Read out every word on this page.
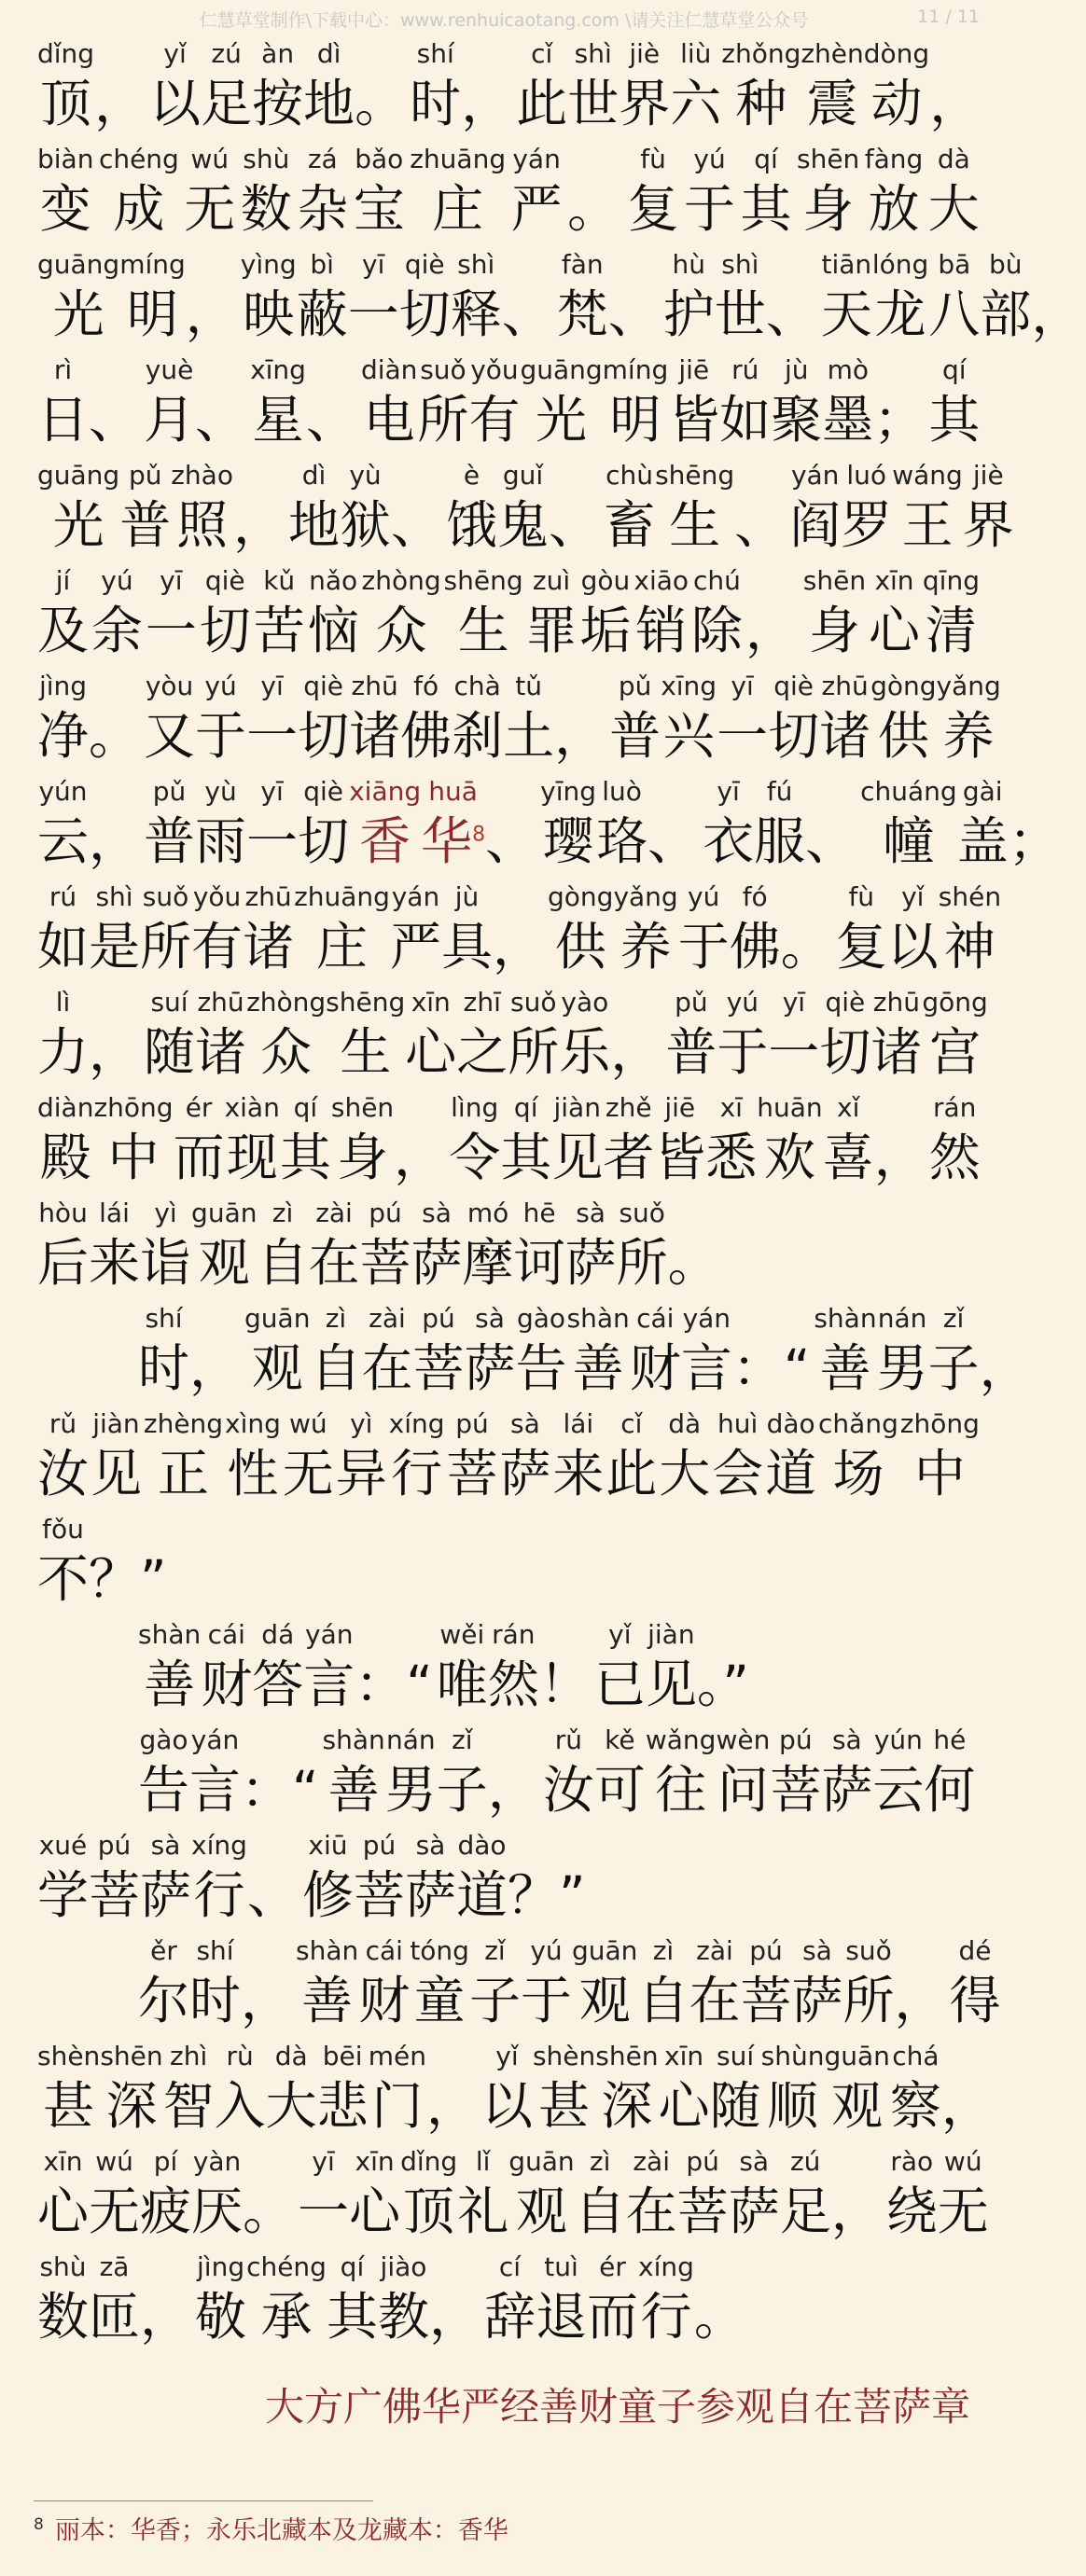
仁慧草堂制作\下载中心：www.renhuicaotang.com \请关注仁慧草堂公众号	11 / 11
dǐng
顶 ，
yǐ
以
zú
足
àn
按
dì
地 。
shí
时 ，
cǐ
此
shì
世
jiè
界
liù
六
zhǒng
种
zhèn
震
dòng
动 ，
biàn
变
chéng
成
wú
无
shù
数
zá
杂
bǎo
宝
zhuāng
庄
yán
严 。
fù
复
yú
于
qí
其
shēn
身
fàng
放
dà
大
guāng
光
míng
明 ，
yìng
映
bì
蔽
yī
一
qiè
切
shì
释 、
fàn
梵 、
hù
护
shì
世 、
tiān
天
lóng
龙
bā
八
bù
部 ，
rì
日 、
yuè
月 、
xīng
星 、
diàn
电
suǒ
所
yǒu
有
guāng
光
míng
明
jiē
皆
rú
如
jù
聚
mò
墨 ；
qí
其
guāng
光
pǔ
普
zhào
照 ，
dì
地
yù
狱 、
è
饿
guǐ
鬼 、
chù
畜
shēng
生 、
yán
阎
luó
罗
wáng
王
jiè
界
jí
及
yú
余
yī
一
qiè
切
kǔ
苦
nǎo
恼
zhòng
众
shēng
生
zuì
罪
gòu
垢
xiāo
销
chú
除 ，
shēn
身
xīn
心
qīng
清
jìng
净 。
yòu
又
yú
于
yī
一
qiè
切
zhū
诸
fó
佛
chà
刹
tǔ
土 ，
pǔ
普
xīng
兴
yī
一
qiè
切
zhū
诸
gòng
供
yǎng
养
yún
云 ，
pǔ
普
yù
雨
yī
一
qiè
切
xiāng
香
huā
华$^8$ 、
yīng
璎
luò
珞 、
yī
衣
fú
服 、
chuáng
幢
gài
盖 ；
rú
如
shì
是
suǒ
所
yǒu
有
zhū
诸
zhuāng
庄
yán
严
jù
具 ，
gòng
供
yǎng
养
yú
于
fó
佛 。
fù
复
yǐ
以
shén
神
lì
力 ，
suí
随
zhū
诸
zhòng
众
shēng
生
xīn
心
zhī
之
suǒ
所
yào
乐 ，
pǔ
普
yú
于
yī
一
qiè
切
zhū
诸
gōng
宫
diàn
殿
zhōng
中
ér
而
xiàn
现
qí
其
shēn
身 ，
lìng
令
qí
其
jiàn
见
zhě
者
jiē
皆
xī
悉
huān
欢
xǐ
喜 ，
rán
然
hòu
后
lái
来
yì
诣
guān
观
zì
自
zài
在
pú
菩
sà
萨
mó
摩
hē
诃
sà
萨
suǒ
所 。
shí
时 ，
guān
观
zì
自
zài
在
pú
菩
sà
萨
gào
告
shàn
善
cái
财
yán
言 ：“
shàn
善
nán
男
zǐ
子 ，
rǔ
汝
jiàn
见
zhèng
正
xìng
性
wú
无
yì
异
xíng
行
pú
菩
sà
萨
lái
来
cǐ
此
dà
大
huì
会
dào
道
chǎng
场
zhōng
中
fǒu
不 ？”
shàn
善
cái
财
dá
答
yán
言 ：“
wěi
唯
rán
然 ！
yǐ
已
jiàn
见 。”
gào
告
yán
言 ：“
shàn
善
nán
男
zǐ
子 ，
rǔ
汝
kě
可
wǎng
往
wèn
问
pú
菩
sà
萨
yún
云
hé
何
xué
学
pú
菩
sà
萨
xíng
行 、
xiū
修
pú
菩
sà
萨
dào
道 ？”
ěr
尔
shí
时 ，
shàn
善
cái
财
tóng
童
zǐ
子
yú
于
guān
观
zì
自
zài
在
pú
菩
sà
萨
suǒ
所 ，
dé
得
shèn
甚
shēn
深
zhì
智
rù
入
dà
大
bēi
悲
mén
门 ，
yǐ
以
shèn
甚
shēn
深
xīn
心
suí
随
shùn
顺
guān
观
chá
察 ，
xīn
心
wú
无
pí
疲
yàn
厌 。
yī
一
xīn
心
dǐng
顶
lǐ
礼
guān
观
zì
自
zài
在
pú
菩
sà
萨
zú
足 ，
rào
绕
wú
无
shù
数
zā
匝 ，
jìng
敬
chéng
承
qí
其
jiào
教 ，
cí
辞
tuì
退
ér
而
xíng
行 。
大方广佛华严经善财童子参观自在菩萨章
$^8$ 丽本：华香；永乐北藏本及龙藏本：香华
